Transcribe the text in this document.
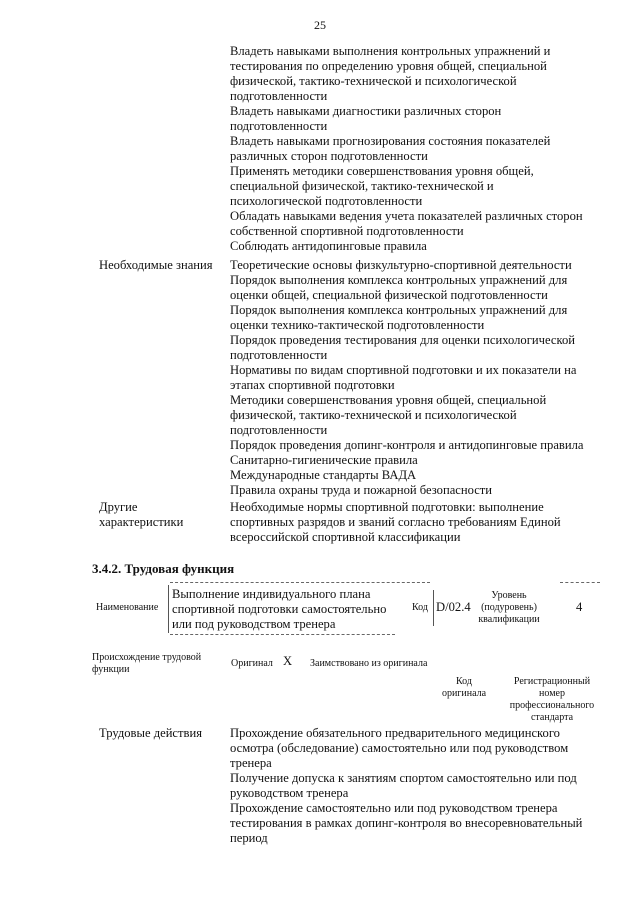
25
Владеть навыками выполнения контрольных упражнений и
тестирования по определению уровня общей, специальной
физической, тактико-технической и психологической
подготовленности
Владеть навыками диагностики различных сторон
подготовленности
Владеть навыками прогнозирования состояния показателей
различных сторон подготовленности
Применять методики совершенствования уровня общей,
специальной физической, тактико-технической и
психологической подготовленности
Обладать навыками ведения учета показателей различных сторон
собственной спортивной подготовленности
Соблюдать антидопинговые правила
Необходимые знания Теоретические основы физкультурно-спортивной деятельности
Порядок выполнения комплекса контрольных упражнений для
оценки общей, специальной физической подготовленности
Порядок выполнения комплекса контрольных упражнений для
оценки технико-тактической подготовленности
Порядок проведения тестирования для оценки психологической
подготовленности
Нормативы по видам спортивной подготовки и их показатели на
этапах спортивной подготовки
Методики совершенствования уровня общей, специальной
физической, тактико-технической и психологической
подготовленности
Порядок проведения допинг-контроля и антидопинговые правила
Санитарно-гигиенические правила
Международные стандарты ВАДА
Правила охраны труда и пожарной безопасности
Другие
характеристики
Необходимые нормы спортивной подготовки: выполнение
спортивных разрядов и званий согласно требованиям Единой
всероссийской спортивной классификации
3.4.2. Трудовая функция
Наименование
Выполнение индивидуального плана
спортивной подготовки самостоятельно
или под руководством тренера
Код D/02.4
Уровень
(подуровень)
квалификации
4
Происхождение трудовой
функции
Оригинал X Заимствовано из оригинала
Код
оригинала
Регистрационный
номер
профессионального
стандарта
Трудовые действия Прохождение обязательного предварительного медицинского
осмотра (обследование) самостоятельно или под руководством
тренера
Получение допуска к занятиям спортом самостоятельно или под
руководством тренера
Прохождение самостоятельно или под руководством тренера
тестирования в рамках допинг-контроля во внесоревновательный
период
